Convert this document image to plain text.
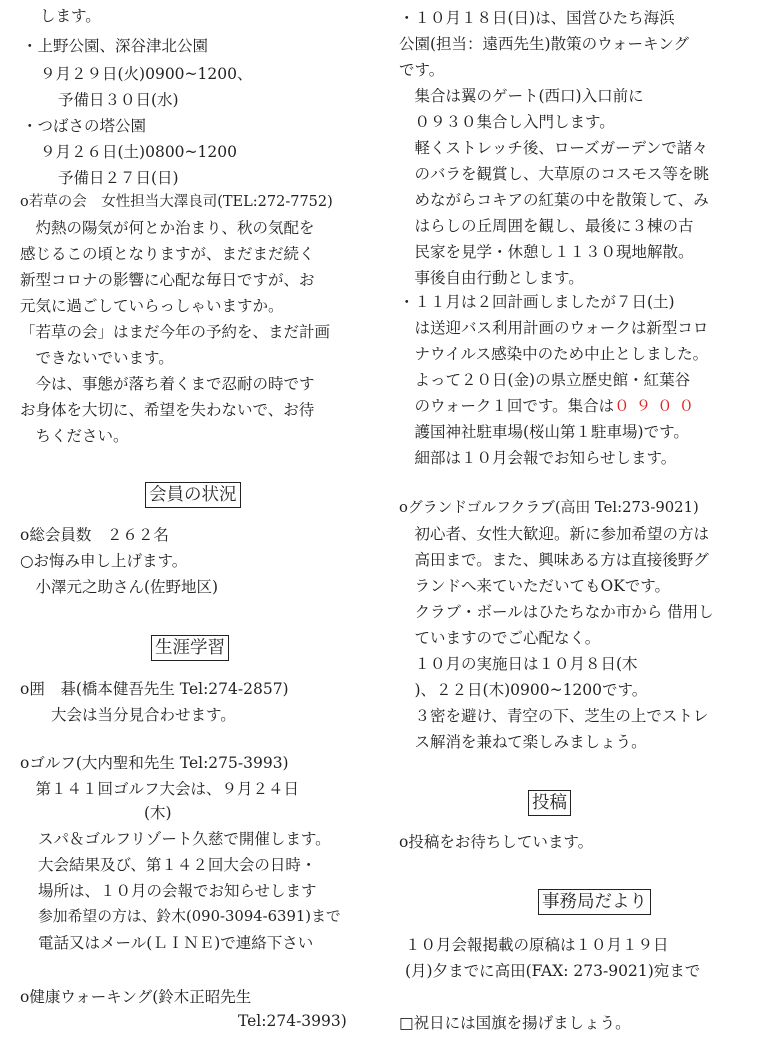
します。
・上野公園、深谷津北公園
９月２９日(火)0900~1200、
予備日３０日(水)
・つばさの塔公園
９月２６日(土)0800~1200
予備日２７日(日)
o若草の会　女性担当大澤良司(TEL:272-7752)
　灼熱の陽気が何とか治まり、秋の気配を
感じるこの頃となりますが、まだまだ続く
新型コロナの影響に心配な毎日ですが、お
元気に過ごしていらっしゃいますか。
「若草の会」はまだ今年の予約を、まだ計画
　できないでいます。
　今は、事態が落ち着くまで忍耐の時です
お身体を大切に、希望を失わないで、お待
　ちください。
会員の状況
o総会員数　２６２名
○お悔み申し上げます。
　小澤元之助さん(佐野地区)
生涯学習
o囲　碁(橋本健吾先生 Tel:274-2857)
　　大会は当分見合わせます。
oゴルフ(大内聖和先生 Tel:275-3993)
　第１４１回ゴルフ大会は、９月２４日
　　　　　　　　(木)
スパ＆ゴルフリゾート久慈で開催します。
大会結果及び、第１４２回大会の日時・
場所は、１０月の会報でお知らせします
参加希望の方は、鈴木(090-3094-6391)まで
電話又はメール(ＬＩＮＥ)で連絡下さい
o健康ウォーキング(鈴木正昭先生
Tel:274-3993)
・１０月１８日(日)は、国営ひたち海浜
公園(担当：遠西先生)散策のウォーキング
です。
　集合は翼のゲート(西口)入口前に
　０９３０集合し入門します。
　軽くストレッチ後、ローズガーデンで諸々
　のバラを観賞し、大草原のコスモス等を眺
　めながらコキアの紅葉の中を散策して、み
　はらしの丘周囲を観し、最後に３棟の古
　民家を見学・休憩し１１３０現地解散。
　事後自由行動とします。
・１１月は２回計画しましたが７日(土)
　は送迎バス利用計画のウォークは新型コロ
　ナウイルス感染中のため中止としました。
　よって２０日(金)の県立歴史館・紅葉谷
　のウォーク１回です。集合は０９００
　護国神社駐車場(桜山第１駐車場)です。
　細部は１０月会報でお知らせします。
oグランドゴルフクラブ(高田 Tel:273-9021)
　初心者、女性大歓迎。新に参加希望の方は
　高田まで。また、興味ある方は直接後野グ
　ランドへ来ていただいてもOKです。
　クラブ・ボールはひたちなか市から 借用し
　ていますのでご心配なく。
　１０月の実施日は１０月８日(木
　)、２２日(木)0900~1200です。
　３密を避け、青空の下、芝生の上でストレ
　ス解消を兼ねて楽しみましょう。
投稿
o投稿をお待ちしています。
事務局だより
１０月会報掲載の原稿は１０月１９日
(月)夕までに高田(FAX: 273-9021)宛まで
□祝日には国旗を揚げましょう。
